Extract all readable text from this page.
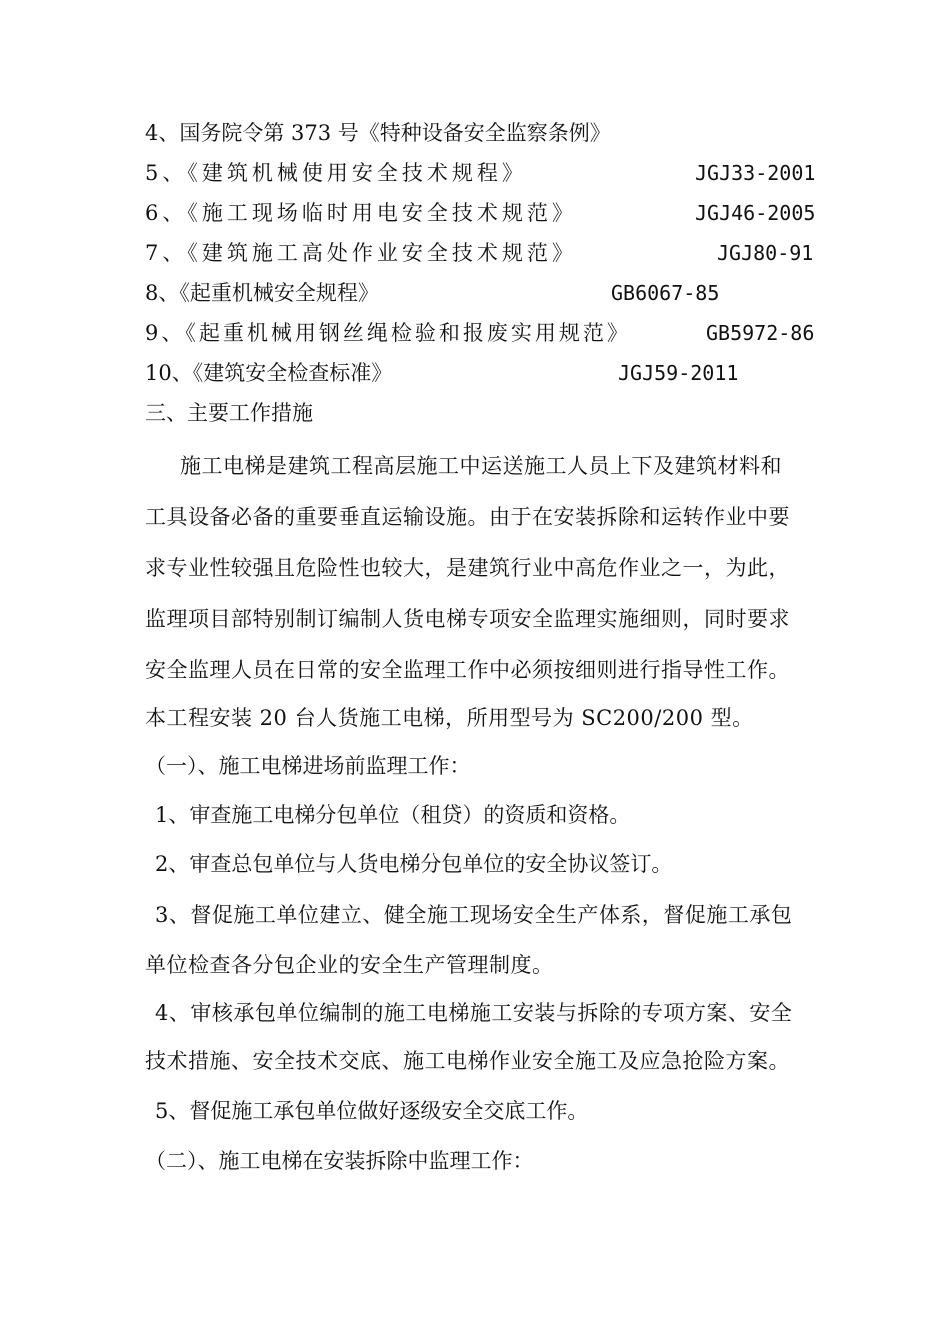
4、国务院令第 373 号《特种设备安全监察条例》
5、《建筑机械使用安全技术规程》	JGJ33-2001
6、《施工现场临时用电安全技术规范》	JGJ46-2005
7、《建筑施工高处作业安全技术规范》	JGJ80-91
8、《起重机械安全规程》	GB6067-85
9、《起重机械用钢丝绳检验和报废实用规范》	GB5972-86
10、《建筑安全检查标准》	JGJ59-2011
三、主要工作措施
施工电梯是建筑工程高层施工中运送施工人员上下及建筑材料和
工具设备必备的重要垂直运输设施。由于在安装拆除和运转作业中要
求专业性较强且危险性也较大，是建筑行业中高危作业之一，为此，
监理项目部特别制订编制人货电梯专项安全监理实施细则，同时要求
安全监理人员在日常的安全监理工作中必须按细则进行指导性工作。
本工程安装 20 台人货施工电梯，所用型号为 SC200/200 型。
（一）、施工电梯进场前监理工作：
1、审查施工电梯分包单位（租贷）的资质和资格。
2、审查总包单位与人货电梯分包单位的安全协议签订。
3、督促施工单位建立、健全施工现场安全生产体系，督促施工承包
单位检查各分包企业的安全生产管理制度。
4、审核承包单位编制的施工电梯施工安装与拆除的专项方案、安全
技术措施、安全技术交底、施工电梯作业安全施工及应急抢险方案。
5、督促施工承包单位做好逐级安全交底工作。
（二）、施工电梯在安装拆除中监理工作：
